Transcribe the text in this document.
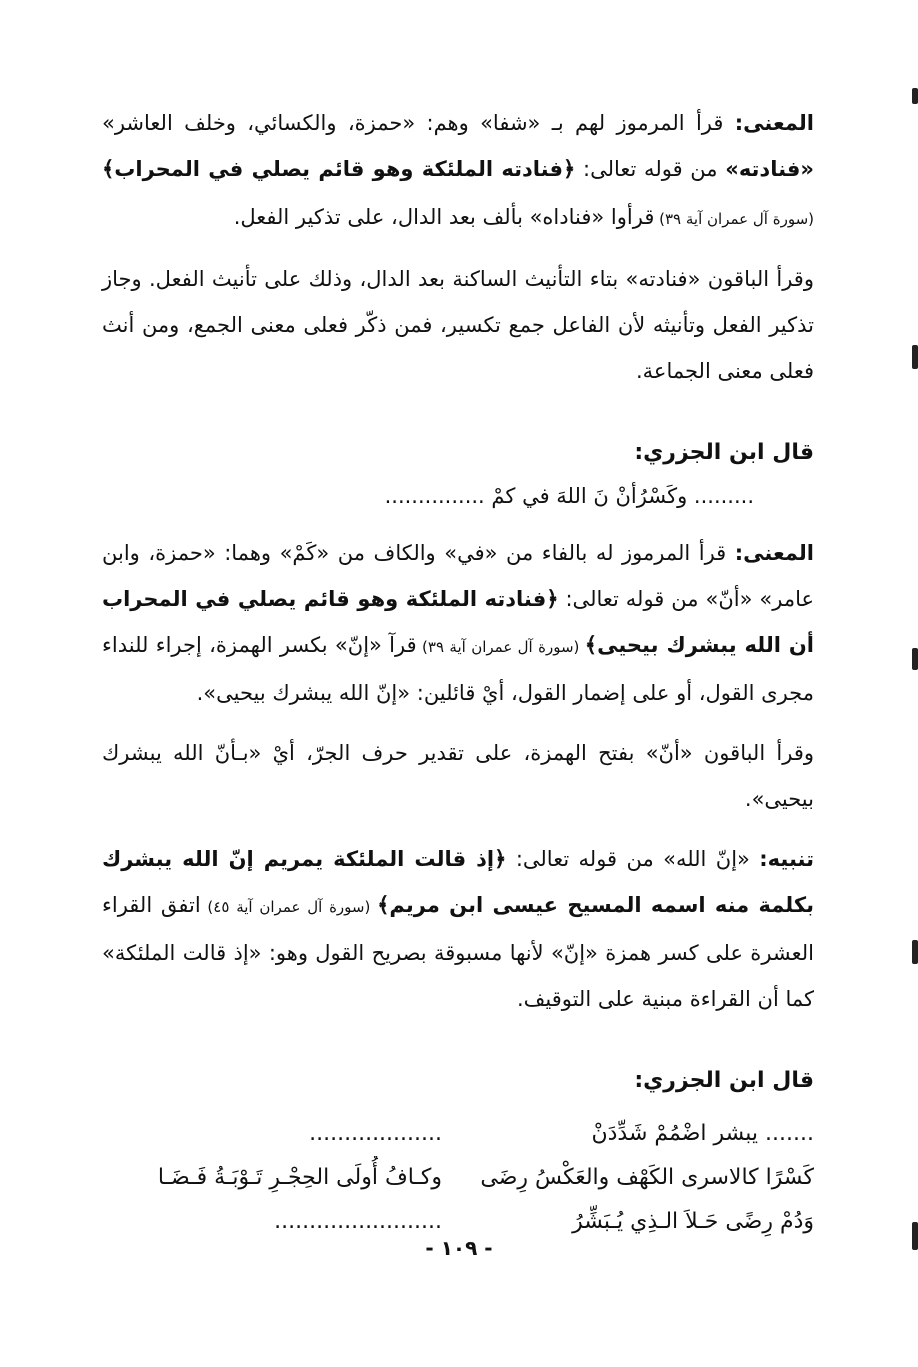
المعنى: قرأ المرموز لهم بـ «شفا» وهم: «حمزة، والكسائي، وخلف العاشر» «فنادته» من قوله تعالى: ﴿فنادته الملئكة وهو قائم يصلي في المحراب﴾ (سورة آل عمران آية ٣٩) قرأوا «فناداه» بألف بعد الدال، على تذكير الفعل.

وقرأ الباقون «فنادته» بتاء التأنيث الساكنة بعد الدال، وذلك على تأنيث الفعل. وجاز تذكير الفعل وتأنيثه لأن الفاعل جمع تكسير، فمن ذكّر فعلى معنى الجمع، ومن أنث فعلى معنى الجماعة.

قال ابن الجزري:
......... وكَسْرُأنْ نَ اللهَ في كمْ ...............

المعنى: قرأ المرموز له بالفاء من «في» والكاف من «كَمْ» وهما: «حمزة، وابن عامر» «أنّ» من قوله تعالى: ﴿فنادته الملئكة وهو قائم يصلي في المحراب أن الله يبشرك بيحيى﴾ (سورة آل عمران آية ٣٩) قرآ «إنّ» بكسر الهمزة، إجراء للنداء مجرى القول، أو على إضمار القول، أيْ قائلين: «إنّ الله يبشرك بيحيى».

وقرأ الباقون «أنّ» بفتح الهمزة، على تقدير حرف الجرّ، أيْ «بـأنّ الله يبشرك بيحيى».

تنبيه: «إنّ الله» من قوله تعالى: ﴿إذ قالت الملئكة يمريم إنّ الله يبشرك بكلمة منه اسمه المسيح عيسى ابن مريم﴾ (سورة آل عمران آية ٤٥) اتفق القراء العشرة على كسر همزة «إنّ» لأنها مسبوقة بصريح القول وهو: «إذ قالت الملئكة» كما أن القراءة مبنية على التوقيف.

قال ابن الجزري:
....... يبشر اضْمُمْ شَدِّدَنْ
...................
كَسْرًا كالاسرى الكَهْف والعَكْسُ رِضَى
وكـافُ أُولَى الحِجْـرِ تَـوْبَـةُ فَـضَـا
وَدُمْ رِضًى حَـلاَ الـذِي يُـبَشِّرُ
........................
- ١٠٩ -
